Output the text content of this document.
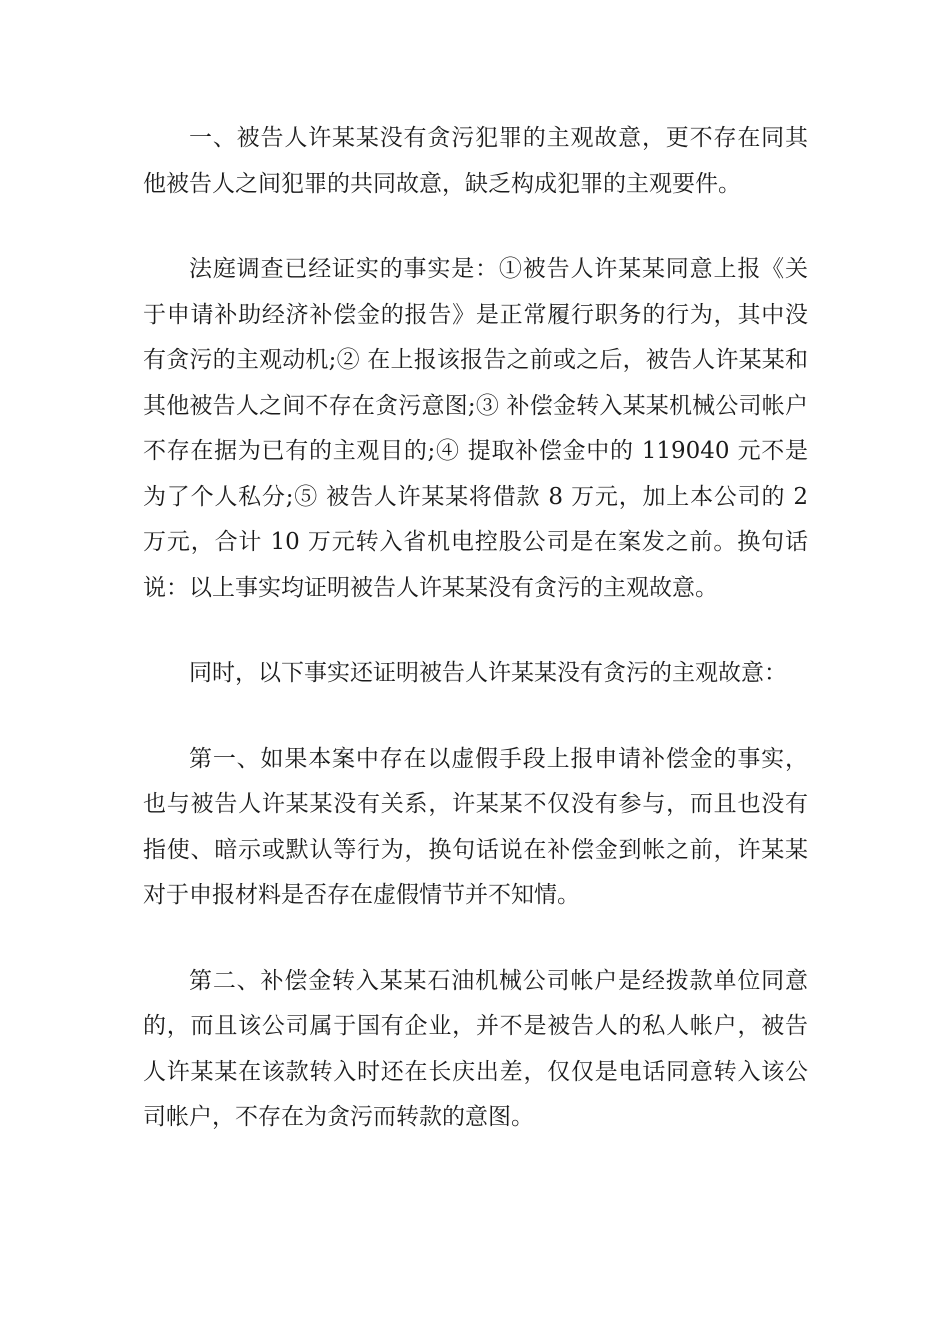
一、被告人许某某没有贪污犯罪的主观故意，更不存在同其他被告人之间犯罪的共同故意，缺乏构成犯罪的主观要件。

法庭调查已经证实的事实是：①被告人许某某同意上报《关于申请补助经济补偿金的报告》是正常履行职务的行为，其中没有贪污的主观动机;② 在上报该报告之前或之后，被告人许某某和其他被告人之间不存在贪污意图;③ 补偿金转入某某机械公司帐户不存在据为已有的主观目的;④ 提取补偿金中的 119040 元不是为了个人私分;⑤ 被告人许某某将借款 8 万元，加上本公司的 2 万元，合计 10 万元转入省机电控股公司是在案发之前。换句话说：以上事实均证明被告人许某某没有贪污的主观故意。

同时，以下事实还证明被告人许某某没有贪污的主观故意：

第一、如果本案中存在以虚假手段上报申请补偿金的事实，也与被告人许某某没有关系，许某某不仅没有参与，而且也没有指使、暗示或默认等行为，换句话说在补偿金到帐之前，许某某对于申报材料是否存在虚假情节并不知情。

第二、补偿金转入某某石油机械公司帐户是经拨款单位同意的，而且该公司属于国有企业，并不是被告人的私人帐户，被告人许某某在该款转入时还在长庆出差，仅仅是电话同意转入该公司帐户，不存在为贪污而转款的意图。
